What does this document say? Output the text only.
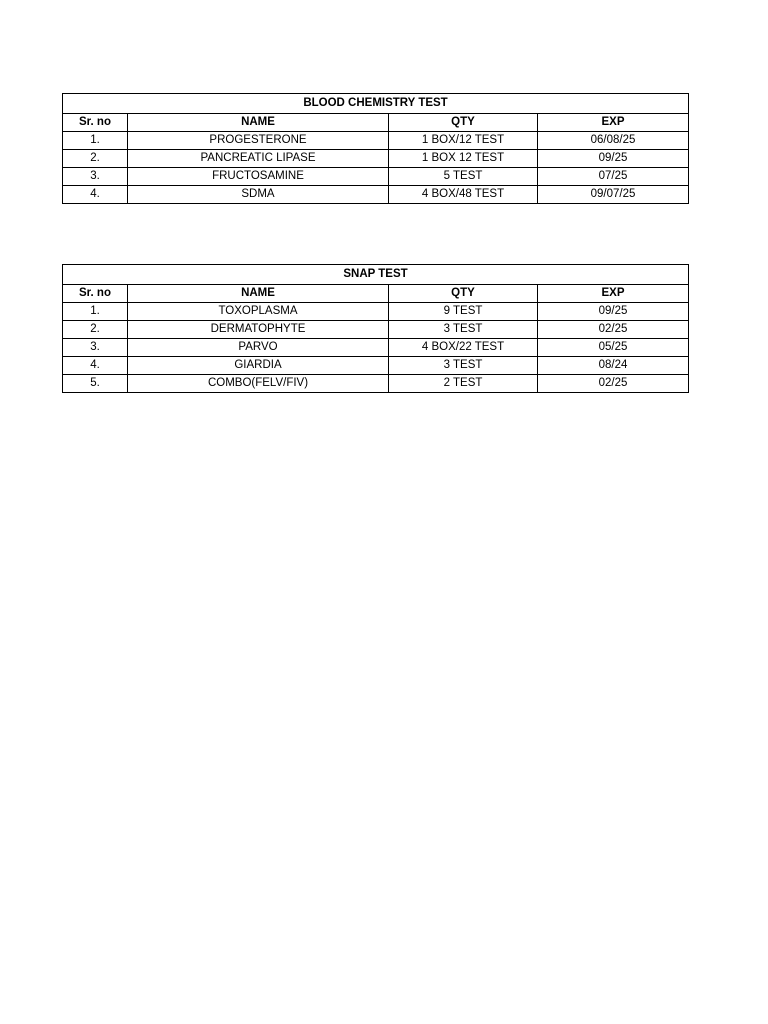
BLOOD CHEMISTRY TEST			
Sr. no	NAME	QTY	EXP
1.	PROGESTERONE	1 BOX/12 TEST	06/08/25
2.	PANCREATIC LIPASE	1 BOX 12 TEST	09/25
3.	FRUCTOSAMINE	5 TEST	07/25
4.	SDMA	4 BOX/48 TEST	09/07/25
SNAP TEST			
Sr. no	NAME	QTY	EXP
1.	TOXOPLASMA	9 TEST	09/25
2.	DERMATOPHYTE	3 TEST	02/25
3.	PARVO	4 BOX/22 TEST	05/25
4.	GIARDIA	3 TEST	08/24
5.	COMBO(FELV/FIV)	2 TEST	02/25
